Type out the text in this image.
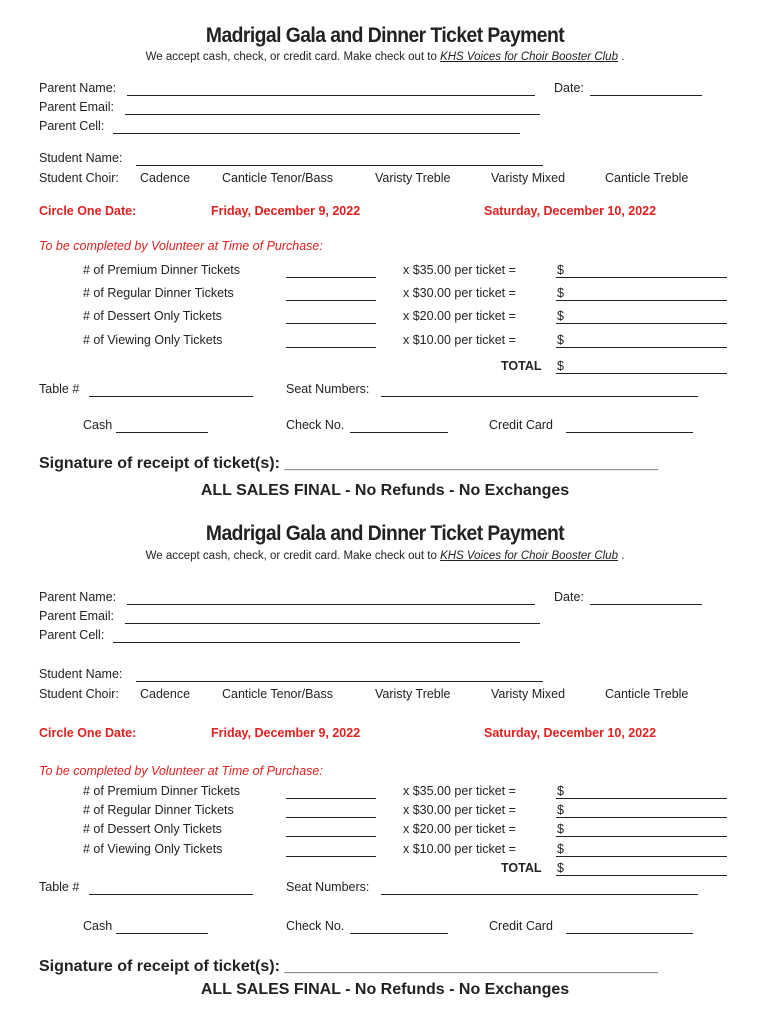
Madrigal Gala and Dinner Ticket Payment
We accept cash, check, or credit card. Make check out to KHS Voices for Choir Booster Club .
Parent Name:	Date:
Parent Email:
Parent Cell:
Student Name:
Student Choir: Cadence	Canticle Tenor/Bass	Varisty Treble	Varisty Mixed	Canticle Treble
Circle One Date:	Friday, December 9, 2022	Saturday, December 10, 2022
To be completed by Volunteer at Time of Purchase:
# of Premium Dinner Tickets	x $35.00 per ticket =	$
# of Regular Dinner Tickets	x $30.00 per ticket =	$
# of Dessert Only Tickets	x $20.00 per ticket =	$
# of Viewing Only Tickets	x $10.00 per ticket =	$
TOTAL $
Table #	Seat Numbers:
Cash	Check No.	Credit Card
Signature of receipt of ticket(s): __________________________________________
ALL SALES FINAL - No Refunds - No Exchanges
Madrigal Gala and Dinner Ticket Payment
We accept cash, check, or credit card. Make check out to KHS Voices for Choir Booster Club .
Parent Name:	Date:
Parent Email:
Parent Cell:
Student Name:
Student Choir: Cadence	Canticle Tenor/Bass	Varisty Treble	Varisty Mixed	Canticle Treble
Circle One Date:	Friday, December 9, 2022	Saturday, December 10, 2022
To be completed by Volunteer at Time of Purchase:
# of Premium Dinner Tickets	x $35.00 per ticket =	$
# of Regular Dinner Tickets	x $30.00 per ticket =	$
# of Dessert Only Tickets	x $20.00 per ticket =	$
# of Viewing Only Tickets	x $10.00 per ticket =	$
TOTAL $
Table #	Seat Numbers:
Cash	Check No.	Credit Card
Signature of receipt of ticket(s): __________________________________________
ALL SALES FINAL - No Refunds - No Exchanges
